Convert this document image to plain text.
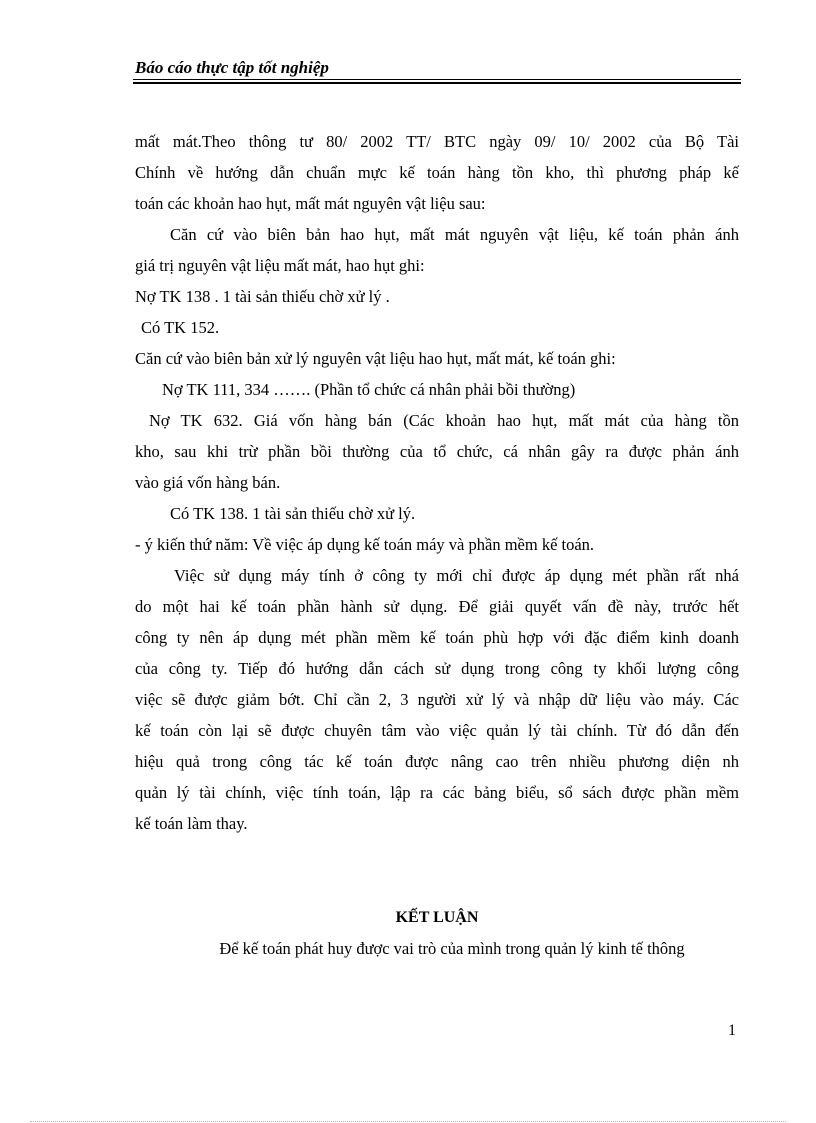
Báo cáo thực tập tốt nghiệp
mất mát.Theo thông tư 80/ 2002 TT/ BTC ngày 09/ 10/ 2002 của Bộ Tài
Chính về hướng dẫn chuẩn mực kế toán hàng tồn kho, thì phương pháp kế
toán các khoản hao hụt, mất mát nguyên vật liệu sau:
Căn cứ vào biên bản hao hụt, mất mát nguyên vật liệu, kế toán phản ánh
giá trị nguyên vật liệu mất mát, hao hụt ghi:
Nợ TK 138 . 1 tài sản thiếu chờ xử lý .
Có TK 152.
Căn cứ vào biên bản xử lý nguyên vật liệu hao hụt, mất mát, kế toán ghi:
Nợ TK 111, 334 ……. (Phần tổ chức cá nhân phải bồi thường)
Nợ TK 632. Giá vốn hàng bán (Các khoản hao hụt, mất mát của hàng tồn
kho, sau khi trừ phần bồi thường của tổ chức, cá nhân gây ra được phản ánh
vào giá vốn hàng bán.
Có TK 138. 1 tài sản thiếu chờ xử lý.
- ý kiến thứ năm: Về việc áp dụng kế toán máy và phần mềm kế toán.
Việc sử dụng máy tính ở công ty mới chỉ được áp dụng mét phần rất nhá
do một hai kế toán phần hành sử dụng. Để giải quyết vấn đề này, trước hết
công ty nên áp dụng mét phần mềm kế toán phù hợp với đặc điểm kinh doanh
của công ty. Tiếp đó hướng dẫn cách sử dụng trong công ty khối lượng công
việc sẽ được giảm bớt. Chỉ cần 2, 3 người xử lý và nhập dữ liệu vào máy. Các
kế toán còn lại sẽ được chuyên tâm vào việc quản lý tài chính. Từ đó dẫn đến
hiệu quả trong công tác kế toán được nâng cao trên nhiều phương diện nh
quản lý tài chính, việc tính toán, lập ra các bảng biểu, sổ sách được phần mềm
kế toán làm thay.
KẾT LUẬN
Để kế toán phát huy được vai trò của mình trong quản lý kinh tế thông
1
